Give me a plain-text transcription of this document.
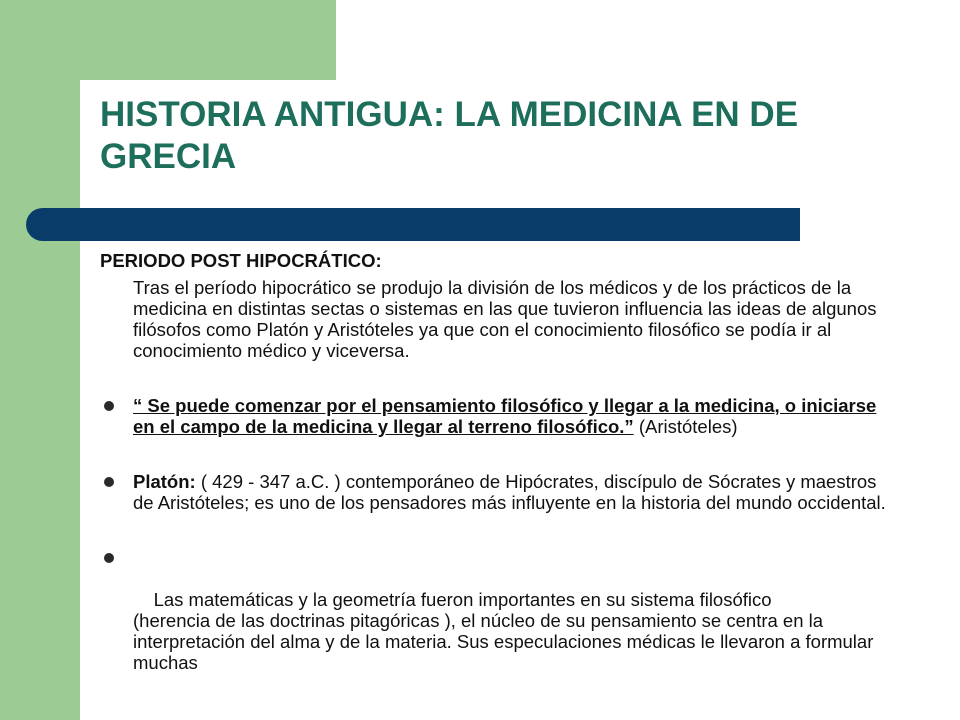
HISTORIA ANTIGUA: LA MEDICINA EN DE GRECIA
PERIODO POST HIPOCRÁTICO:
Tras el período hipocrático se produjo la división de los médicos y de los prácticos de la medicina en distintas sectas o sistemas en las que tuvieron influencia las ideas de algunos filósofos como Platón y Aristóteles ya que con el conocimiento filosófico se podía ir al conocimiento médico y viceversa.
“ Se puede comenzar por el pensamiento filosófico y llegar a la medicina, o iniciarse en el campo de la medicina y llegar al terreno filosófico.” (Aristóteles)
Platón: ( 429 - 347 a.C. ) contemporáneo de Hipócrates, discípulo de Sócrates y maestros de Aristóteles; es uno de los pensadores más influyente en la historia del mundo occidental.

Las matemáticas y la geometría fueron importantes en su sistema filosófico                (herencia de las doctrinas pitagóricas ), el núcleo de su pensamiento se centra en la interpretación del alma y de la materia. Sus especulaciones médicas le llevaron a formular muchas
